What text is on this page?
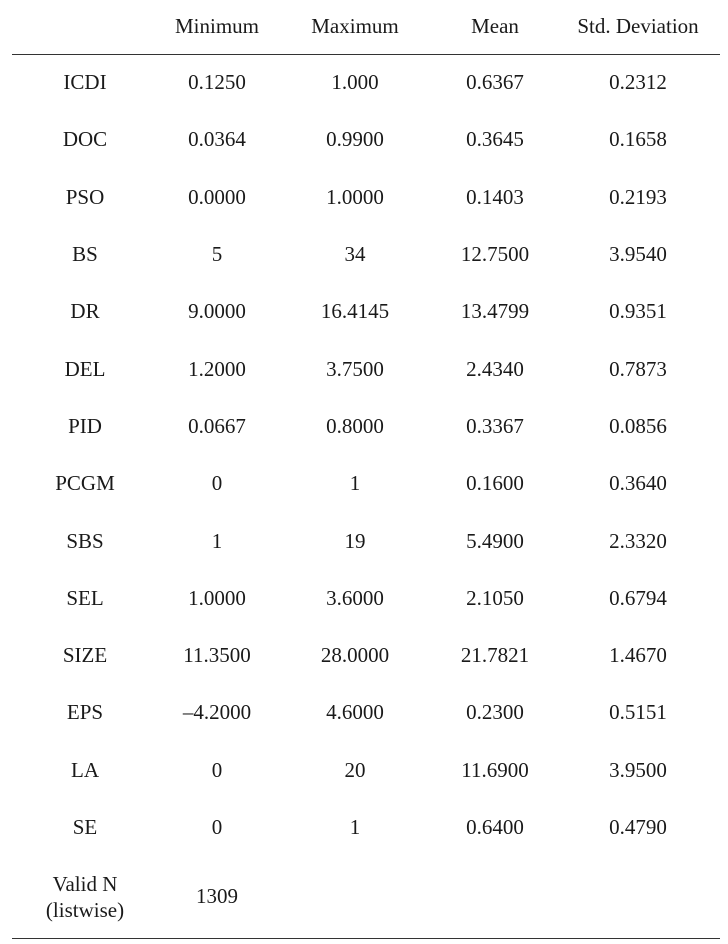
	Minimum	Maximum	Mean	Std. Deviation
ICDI	0.1250	1.000	0.6367	0.2312
DOC	0.0364	0.9900	0.3645	0.1658
PSO	0.0000	1.0000	0.1403	0.2193
BS	5	34	12.7500	3.9540
DR	9.0000	16.4145	13.4799	0.9351
DEL	1.2000	3.7500	2.4340	0.7873
PID	0.0667	0.8000	0.3367	0.0856
PCGM	0	1	0.1600	0.3640
SBS	1	19	5.4900	2.3320
SEL	1.0000	3.6000	2.1050	0.6794
SIZE	11.3500	28.0000	21.7821	1.4670
EPS	–4.2000	4.6000	0.2300	0.5151
LA	0	20	11.6900	3.9500
SE	0	1	0.6400	0.4790
Valid N
(listwise)	1309			
